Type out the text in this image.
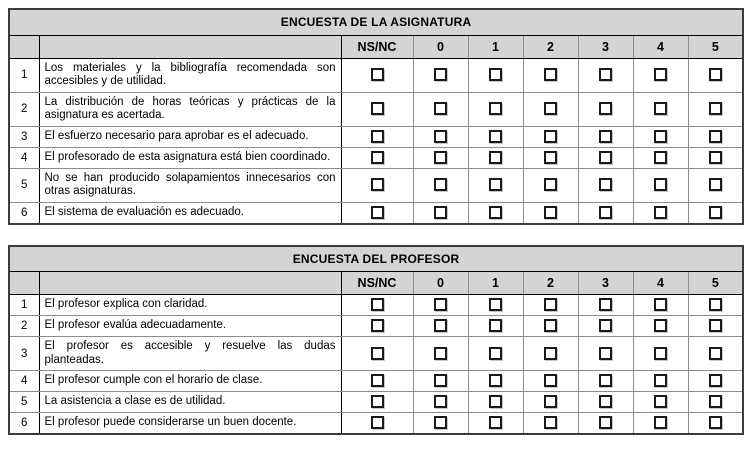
ENCUESTA DE LA ASIGNATURA								
		NS/NC	0	1	2	3	4	5
1	Los materiales y la bibliografía recomendada son accesibles y de utilidad.							
2	La distribución de horas teóricas y prácticas de la asignatura es acertada.							
3	El esfuerzo necesario para aprobar es el adecuado.							
4	El profesorado de esta asignatura está bien coordinado.							
5	No se han producido solapamientos innecesarios con otras asignaturas.							
6	El sistema de evaluación es adecuado.							
ENCUESTA DEL PROFESOR								
		NS/NC	0	1	2	3	4	5
1	El profesor explica con claridad.							
2	El profesor evalúa adecuadamente.							
3	El profesor es accesible y resuelve las dudas planteadas.							
4	El profesor cumple con el horario de clase.							
5	La asistencia a clase es de utilidad.							
6	El profesor puede considerarse un buen docente.							
